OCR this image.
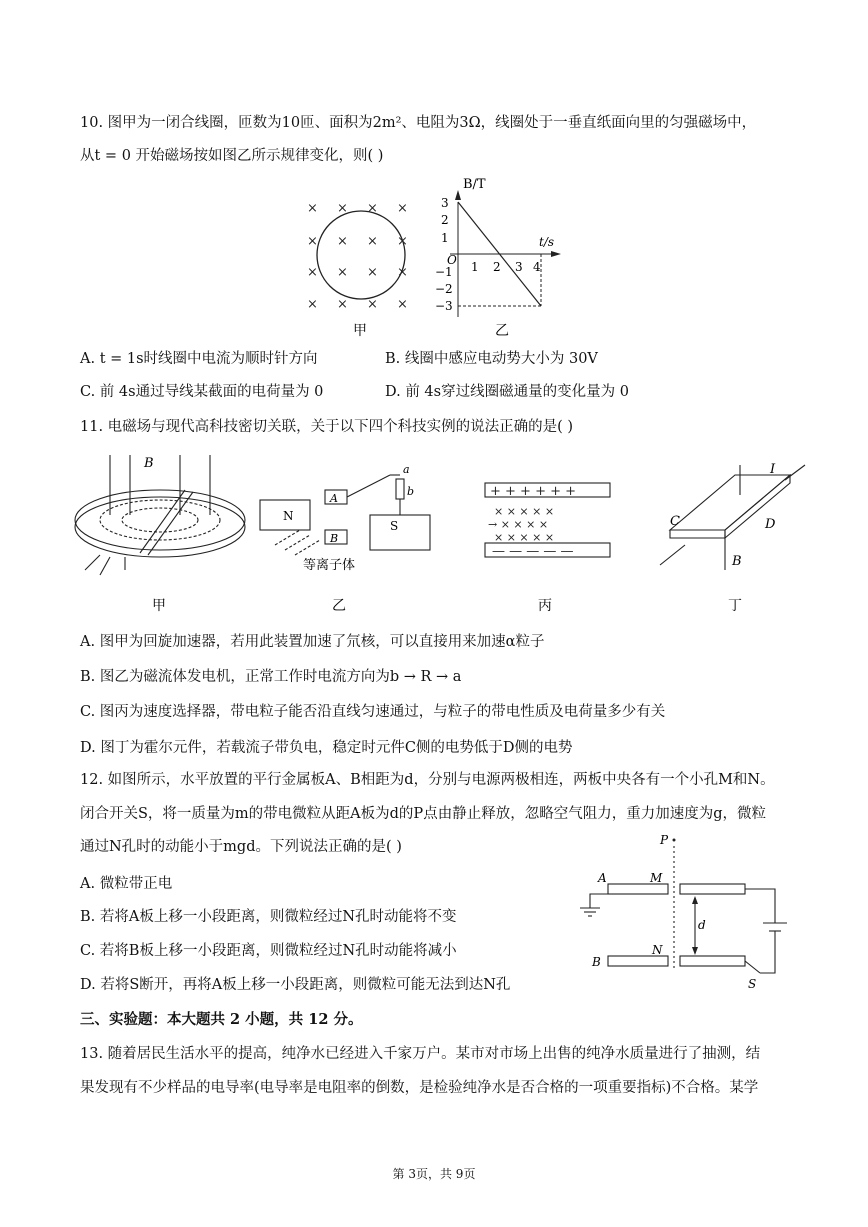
10. 图甲为一闭合线圈，匝数为10匝、面积为2m²、电阻为3Ω，线圈处于一垂直纸面向里的匀强磁场中，
从t = 0 开始磁场按如图乙所示规律变化，则( )
× × × ×
× × × ×
× × × ×
× × × ×
甲
B/T
t/s
O
3
2
1
−1
−2
−3
1 2 3 4
乙
A. t = 1s时线圈中电流为顺时针方向	B. 线圈中感应电动势大小为 30V
C. 前 4s通过导线某截面的电荷量为 0	D. 前 4s穿过线圈磁通量的变化量为 0
11. 电磁场与现代高科技密切关联，关于以下四个科技实例的说法正确的是( )
B
甲
N
S
A
B
a
b
等离子体
乙
+ + + + + +
× × × × ×
→ × × × ×
× × × × ×
— — — — —
丙
I
C	D
B
丁
A. 图甲为回旋加速器，若用此装置加速了氘核，可以直接用来加速α粒子
B. 图乙为磁流体发电机，正常工作时电流方向为b → R → a
C. 图丙为速度选择器，带电粒子能否沿直线匀速通过，与粒子的带电性质及电荷量多少有关
D. 图丁为霍尔元件，若载流子带负电，稳定时元件C侧的电势低于D侧的电势
12. 如图所示，水平放置的平行金属板A、B相距为d，分别与电源两极相连，两板中央各有一个小孔M和N。
闭合开关S，将一质量为m的带电微粒从距A板为d的P点由静止释放，忽略空气阻力，重力加速度为g，微粒
通过N孔时的动能小于mgd。下列说法正确的是( )
A. 微粒带正电
B. 若将A板上移一小段距离，则微粒经过N孔时动能将不变
C. 若将B板上移一小段距离，则微粒经过N孔时动能将减小
D. 若将S断开，再将A板上移一小段距离，则微粒可能无法到达N孔
P
A	M
B
N
d
S
三、实验题：本大题共 2 小题，共 12 分。
13. 随着居民生活水平的提高，纯净水已经进入千家万户。某市对市场上出售的纯净水质量进行了抽测，结
果发现有不少样品的电导率(电导率是电阻率的倒数，是检验纯净水是否合格的一项重要指标)不合格。某学
第 3页，共 9页
